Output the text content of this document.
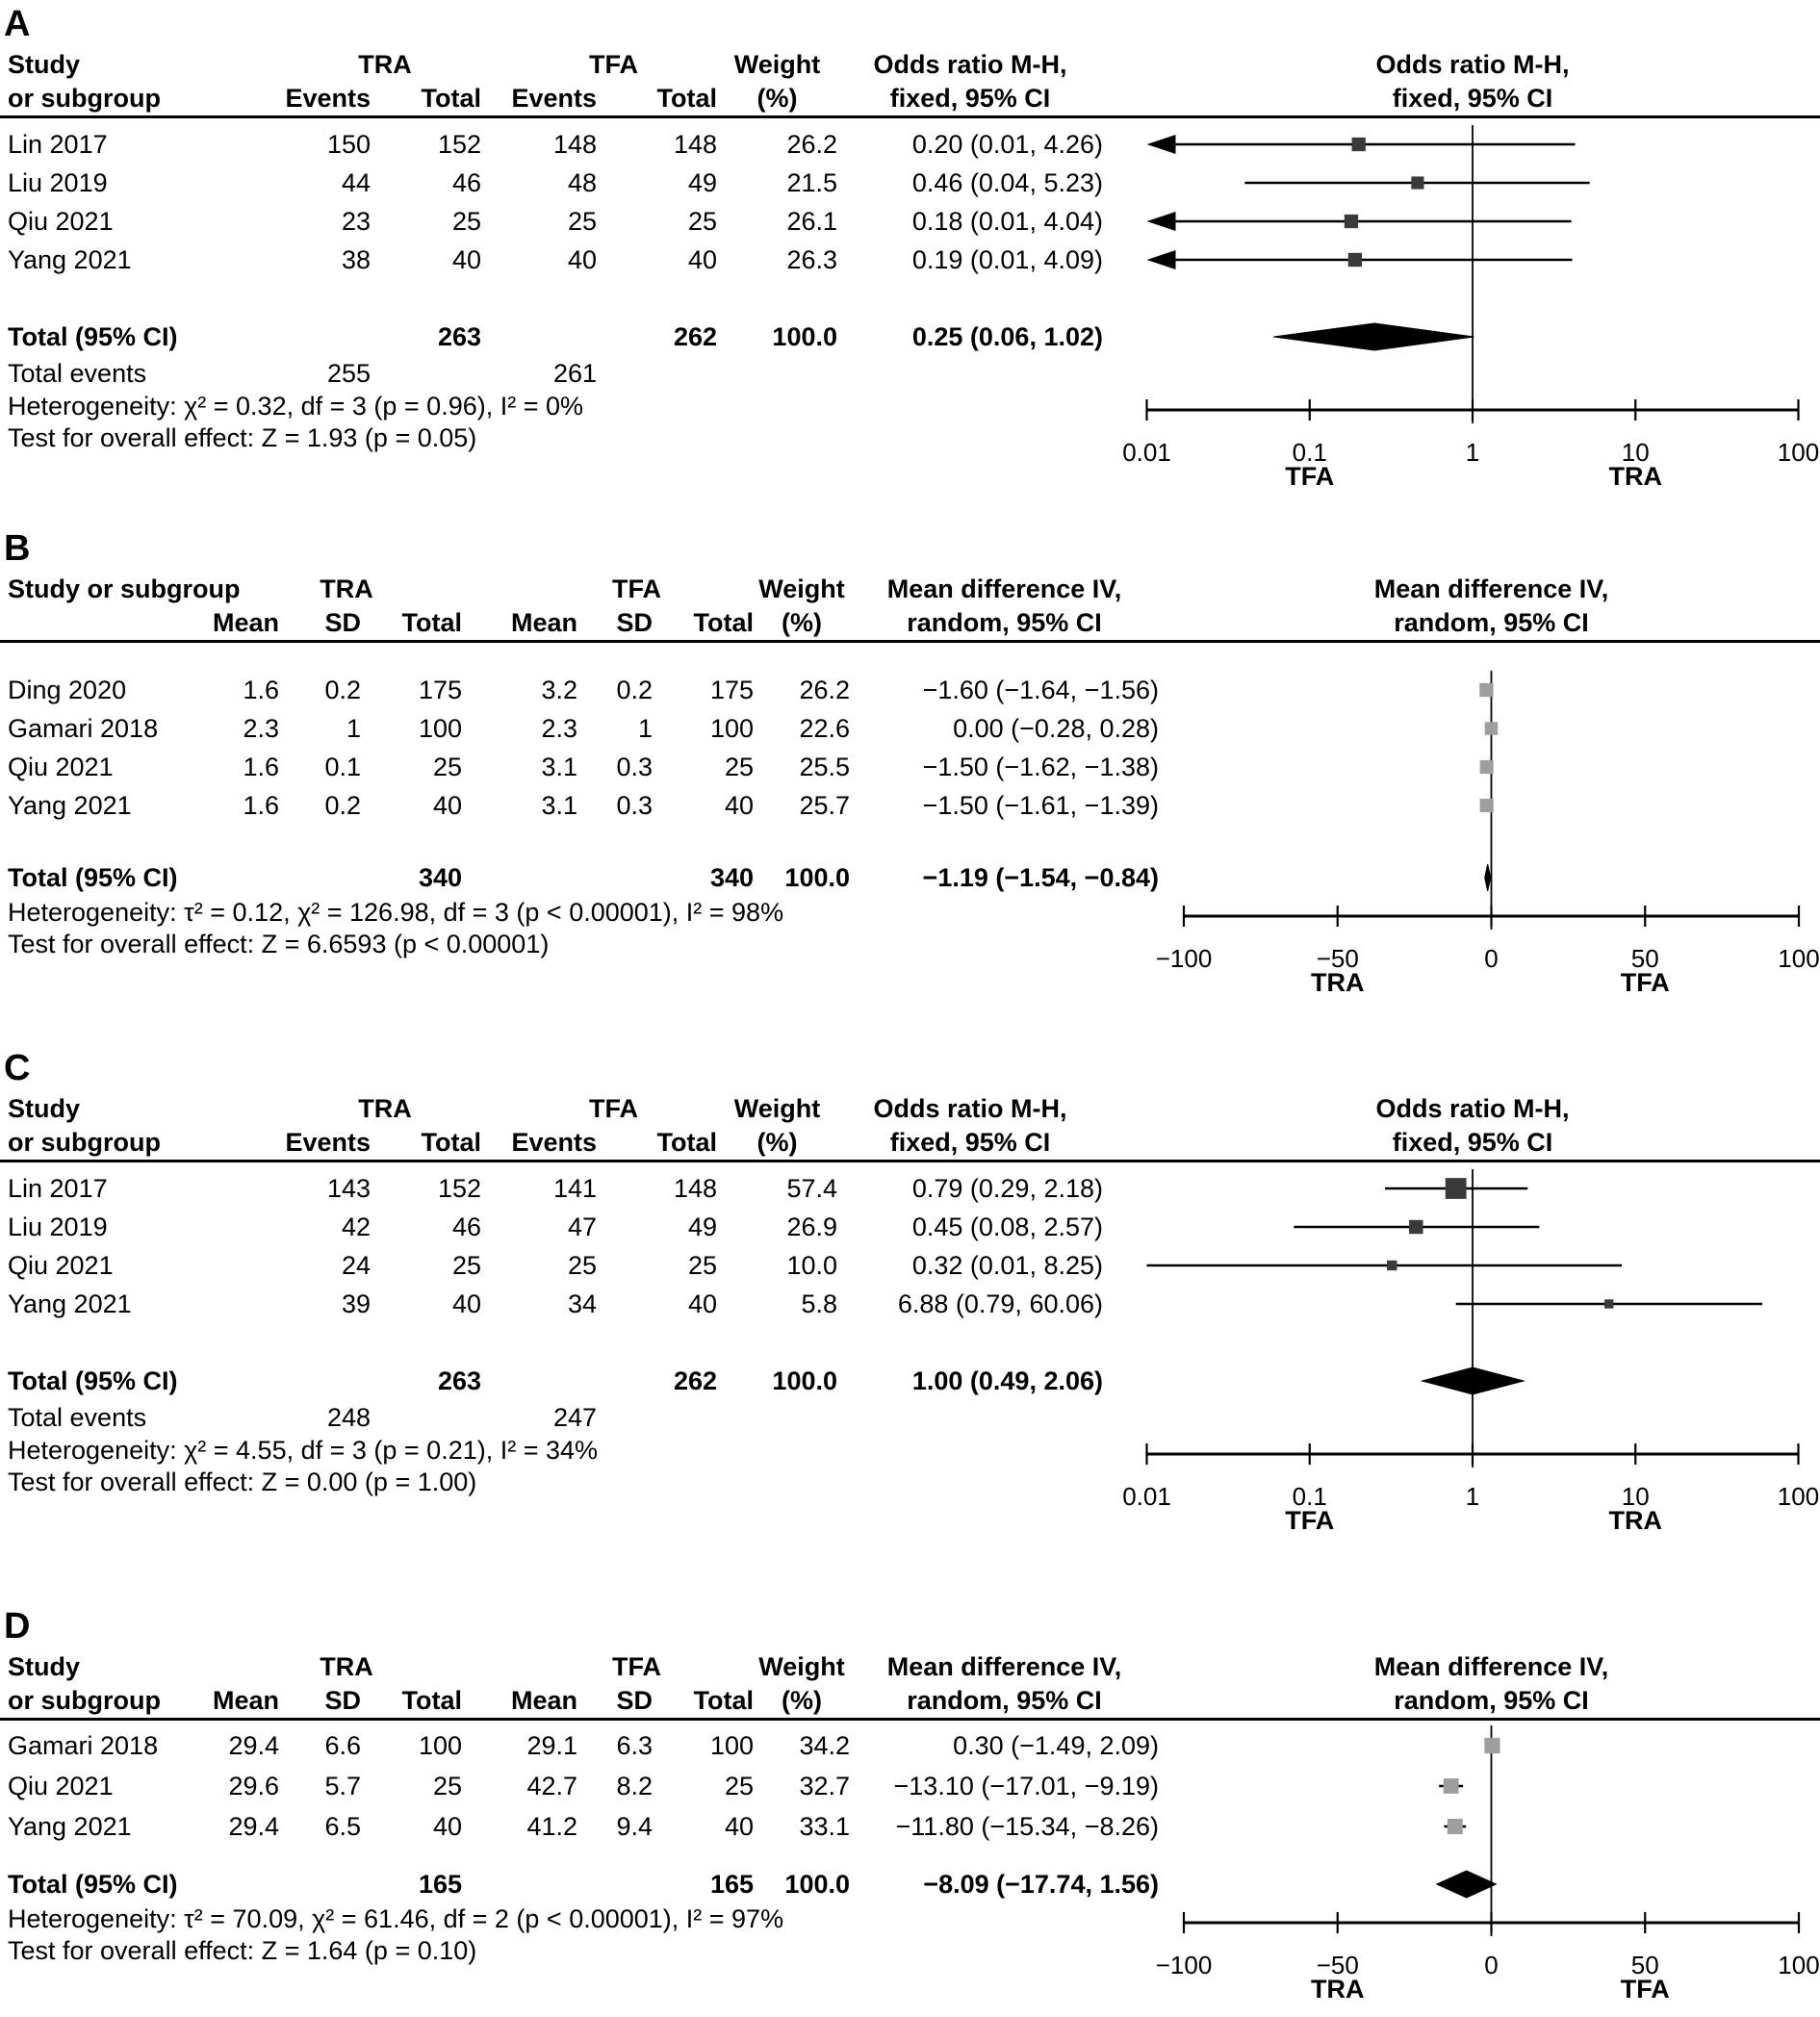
A
Study
or subgroup
TRA	TFA
Events	Total	Events	Total
Weight
(%)
Odds ratio M-H,
fixed, 95% CI
Odds ratio M-H,
fixed, 95% CI
Lin 2017	150	152	148	148	26.2	0.20 (0.01, 4.26)
Liu 2019	44	46	48	49	21.5	0.46 (0.04, 5.23)
Qiu 2021	23	25	25	25	26.1	0.18 (0.01, 4.04)
Yang 2021	38	40	40	40	26.3	0.19 (0.01, 4.09)
Total (95% CI)	263	262	100.0	0.25 (0.06, 1.02)
Total events	255	261
Heterogeneity: χ² = 0.32, df = 3 (p = 0.96), I² = 0%
Test for overall effect: Z = 1.93 (p = 0.05)	0.01	0.1	1	10	100
TFA	TRA
B
Study or subgroup	TRA	TFA
Mean	SD	Total	Mean	SD	Total
Weight
(%)
Mean difference IV,
random, 95% CI
Mean difference IV,
random, 95% CI
Ding 2020	1.6	0.2	175	3.2	0.2	175	26.2	−1.60 (−1.64, −1.56)
Gamari 2018	2.3	1	100	2.3	1	100	22.6	0.00 (−0.28, 0.28)
Qiu 2021	1.6	0.1	25	3.1	0.3	25	25.5	−1.50 (−1.62, −1.38)
Yang 2021	1.6	0.2	40	3.1	0.3	40	25.7	−1.50 (−1.61, −1.39)
Total (95% CI)	340	340	100.0	−1.19 (−1.54, −0.84)
Heterogeneity: τ² = 0.12, χ² = 126.98, df = 3 (p < 0.00001), I² = 98%
Test for overall effect: Z = 6.6593 (p < 0.00001)	−100	−50	0	50	100
TRA	TFA
C
Study
or subgroup
TRA	TFA
Events	Total	Events	Total
Weight
(%)
Odds ratio M-H,
fixed, 95% CI
Odds ratio M-H,
fixed, 95% CI
Lin 2017	143	152	141	148	57.4	0.79 (0.29, 2.18)
Liu 2019	42	46	47	49	26.9	0.45 (0.08, 2.57)
Qiu 2021	24	25	25	25	10.0	0.32 (0.01, 8.25)
Yang 2021	39	40	34	40	5.8	6.88 (0.79, 60.06)
Total (95% CI)	263	262	100.0	1.00 (0.49, 2.06)
Total events	248	247
Heterogeneity: χ² = 4.55, df = 3 (p = 0.21), I² = 34%
Test for overall effect: Z = 0.00 (p = 1.00)	0.01	0.1	1	10	100
TFA	TRA
D
Study
or subgroup
TRA	TFA
Mean	SD	Total	Mean	SD	Total
Weight
(%)
Mean difference IV,
random, 95% CI
Mean difference IV,
random, 95% CI
Gamari 2018	29.4	6.6	100	29.1	6.3	100	34.2	0.30 (−1.49, 2.09)
Qiu 2021	29.6	5.7	25	42.7	8.2	25	32.7	−13.10 (−17.01, −9.19)
Yang 2021	29.4	6.5	40	41.2	9.4	40	33.1	−11.80 (−15.34, −8.26)
Total (95% CI)	165	165	100.0	−8.09 (−17.74, 1.56)
Heterogeneity: τ² = 70.09, χ² = 61.46, df = 2 (p < 0.00001), I² = 97%
Test for overall effect: Z = 1.64 (p = 0.10)	−100	−50	0	50	100
TRA	TFA
